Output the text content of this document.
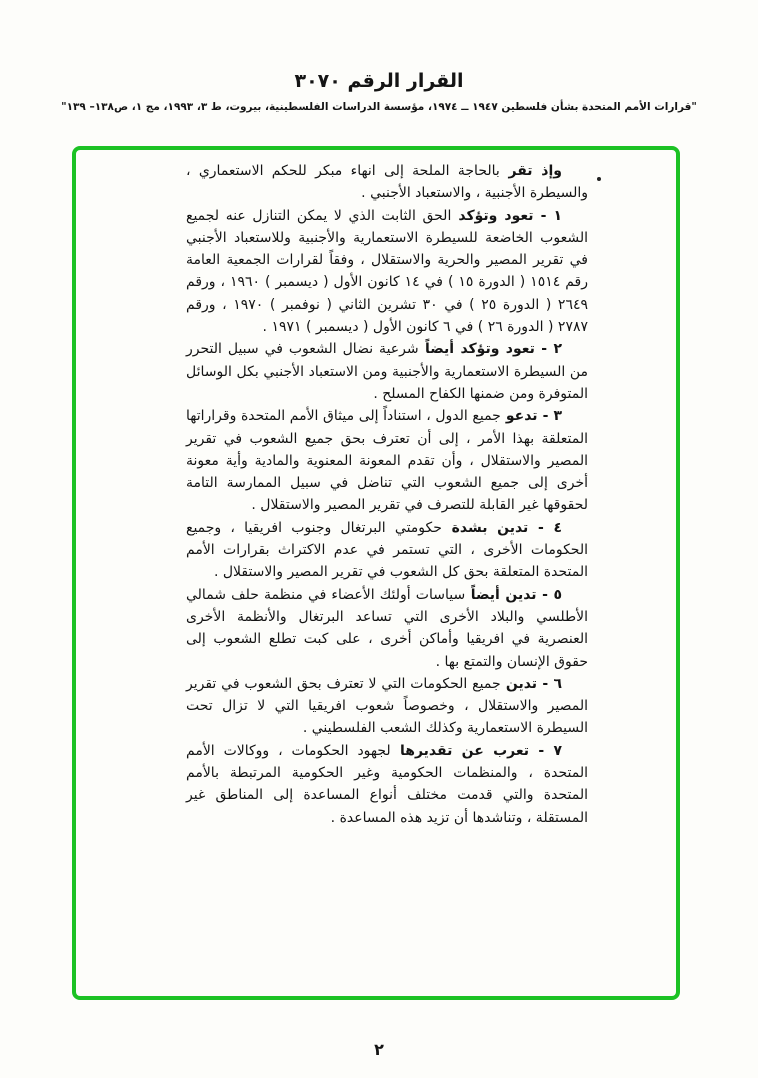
القرار الرقم ٣٠٧٠
"قرارات الأمم المتحدة بشأن فلسطين ١٩٤٧ ــ ١٩٧٤، مؤسسة الدراسات الفلسطينية، بيروت، ط ٣، ١٩٩٣، مج ١، ص١٣٨– ١٣٩"

وإذ تقر بالحاجة الملحة إلى انهاء مبكر للحكم الاستعماري ، والسيطرة الأجنبية ، والاستعباد الأجنبي .

١ - تعود وتؤكد الحق الثابت الذي لا يمكن التنازل عنه لجميع الشعوب الخاضعة للسيطرة الاستعمارية والأجنبية وللاستعباد الأجنبي في تقرير المصير والحرية والاستقلال ، وفقاً لقرارات الجمعية العامة رقم ١٥١٤ ( الدورة ١٥ ) في ١٤ كانون الأول ( ديسمبر ) ١٩٦٠ ، ورقم ٢٦٤٩ ( الدورة ٢٥ ) في ٣٠ تشرين الثاني ( نوفمبر ) ١٩٧٠ ، ورقم ٢٧٨٧ ( الدورة ٢٦ ) في ٦ كانون الأول ( ديسمبر ) ١٩٧١ .

٢ - تعود وتؤكد أيضاً شرعية نضال الشعوب في سبيل التحرر من السيطرة الاستعمارية والأجنبية ومن الاستعباد الأجنبي بكل الوسائل المتوفرة ومن ضمنها الكفاح المسلح .

٣ - تدعو جميع الدول ، استناداً إلى ميثاق الأمم المتحدة وقراراتها المتعلقة بهذا الأمر ، إلى أن تعترف بحق جميع الشعوب في تقرير المصير والاستقلال ، وأن تقدم المعونة المعنوية والمادية وأية معونة أخرى إلى جميع الشعوب التي تناضل في سبيل الممارسة التامة لحقوقها غير القابلة للتصرف في تقرير المصير والاستقلال .

٤ - تدين بشدة حكومتي البرتغال وجنوب افريقيا ، وجميع الحكومات الأخرى ، التي تستمر في عدم الاكتراث بقرارات الأمم المتحدة المتعلقة بحق كل الشعوب في تقرير المصير والاستقلال .

٥ - تدين أيضاً سياسات أولئك الأعضاء في منظمة حلف شمالي الأطلسي والبلاد الأخرى التي تساعد البرتغال والأنظمة الأخرى العنصرية في افريقيا وأماكن أخرى ، على كبت تطلع الشعوب إلى حقوق الإنسان والتمتع بها .

٦ - تدين جميع الحكومات التي لا تعترف بحق الشعوب في تقرير المصير والاستقلال ، وخصوصاً شعوب افريقيا التي لا تزال تحت السيطرة الاستعمارية وكذلك الشعب الفلسطيني .

٧ - تعرب عن تقديرها لجهود الحكومات ، ووكالات الأمم المتحدة ، والمنظمات الحكومية وغير الحكومية المرتبطة بالأمم المتحدة والتي قدمت مختلف أنواع المساعدة إلى المناطق غير المستقلة ، وتناشدها أن تزيد هذه المساعدة .

٢
